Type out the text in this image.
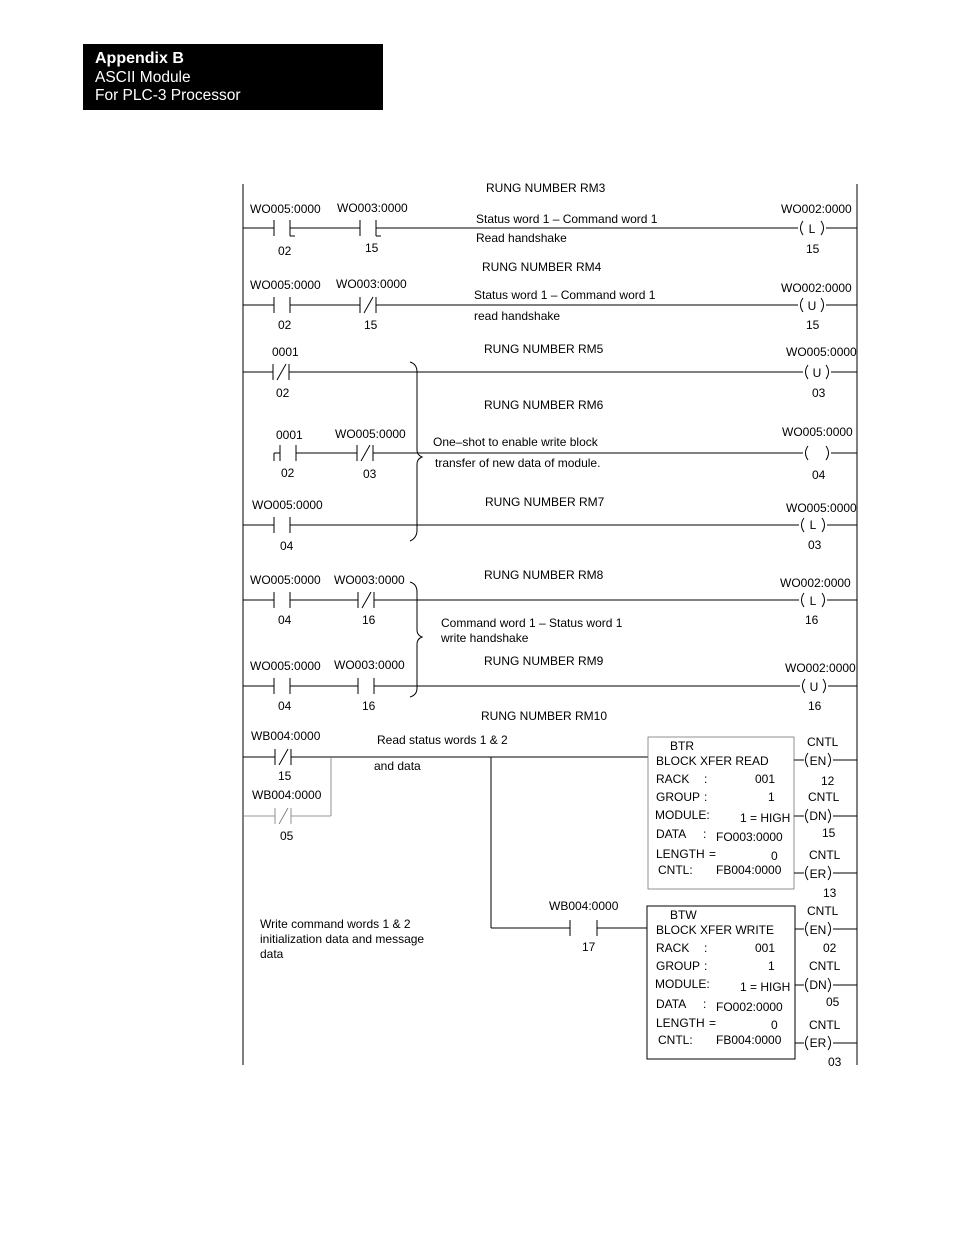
Appendix B
ASCII Module
For PLC-3 Processor
RUNG NUMBER RM3
WO005:0000
02
WO003:0000
15
Status word 1 – Command word 1
Read handshake
WO002:0000
15
L
RUNG NUMBER RM4
WO005:0000
02
WO003:0000
15
Status word 1 – Command word 1
read handshake
WO002:0000
15
U
RUNG NUMBER RM5
0001
02
WO005:0000
03
U
RUNG NUMBER RM6
0001
02
WO005:0000
03
One–shot to enable write block
transfer of new data of module.
WO005:0000
04
RUNG NUMBER RM7
WO005:0000
04
WO005:0000
03
L
RUNG NUMBER RM8
WO005:0000
04
WO003:0000
16	Command word 1 – Status word 1
write handshake
WO002:0000
16
L
RUNG NUMBER RM9
WO005:0000
04
WO003:0000
16
WO002:0000
16
U
RUNG NUMBER RM10
WB004:0000
15
WB004:0000
05
Read status words 1 & 2
and data
Write command words 1 & 2
initialization data and message
data
WB004:0000
17
BTR
BLOCK XFER READ
RACK :	001
GROUP :	1
MODULE:	1 = HIGH
DATA : FO003:0000
LENGTH =	0
CNTL: FB004:0000
BTW
BLOCK XFER WRITE
RACK :	001
GROUP :	1
MODULE:	1 = HIGH
DATA : FO002:0000
LENGTH =	0
CNTL: FB004:0000
CNTL
EN
12
CNTL
DN
15
CNTL
ER
13
CNTL
EN
02
CNTL
DN
05
CNTL
ER
03
